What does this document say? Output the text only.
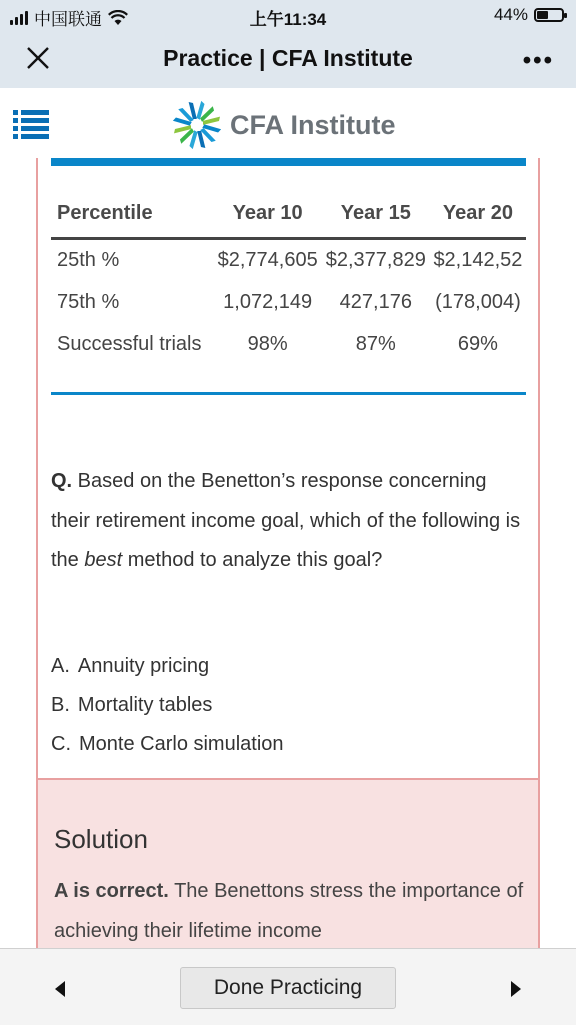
中国联通	上午11:34	44%
Practice | CFA Institute	•••
CFA Institute
Percentile	Year 10	Year 15	Year 20
25th %	$2,774,605	$2,377,829	$2,142,52
75th %	1,072,149	427,176	(178,004)
Successful trials	98%	87%	69%
Q. Based on the Benetton’s response concerning their retirement income goal, which of the following is the best method to analyze this goal?
A. Annuity pricing
B. Mortality tables
C. Monte Carlo simulation
Solution
A is correct. The Benettons stress the importance of achieving their lifetime income
Done Practicing
